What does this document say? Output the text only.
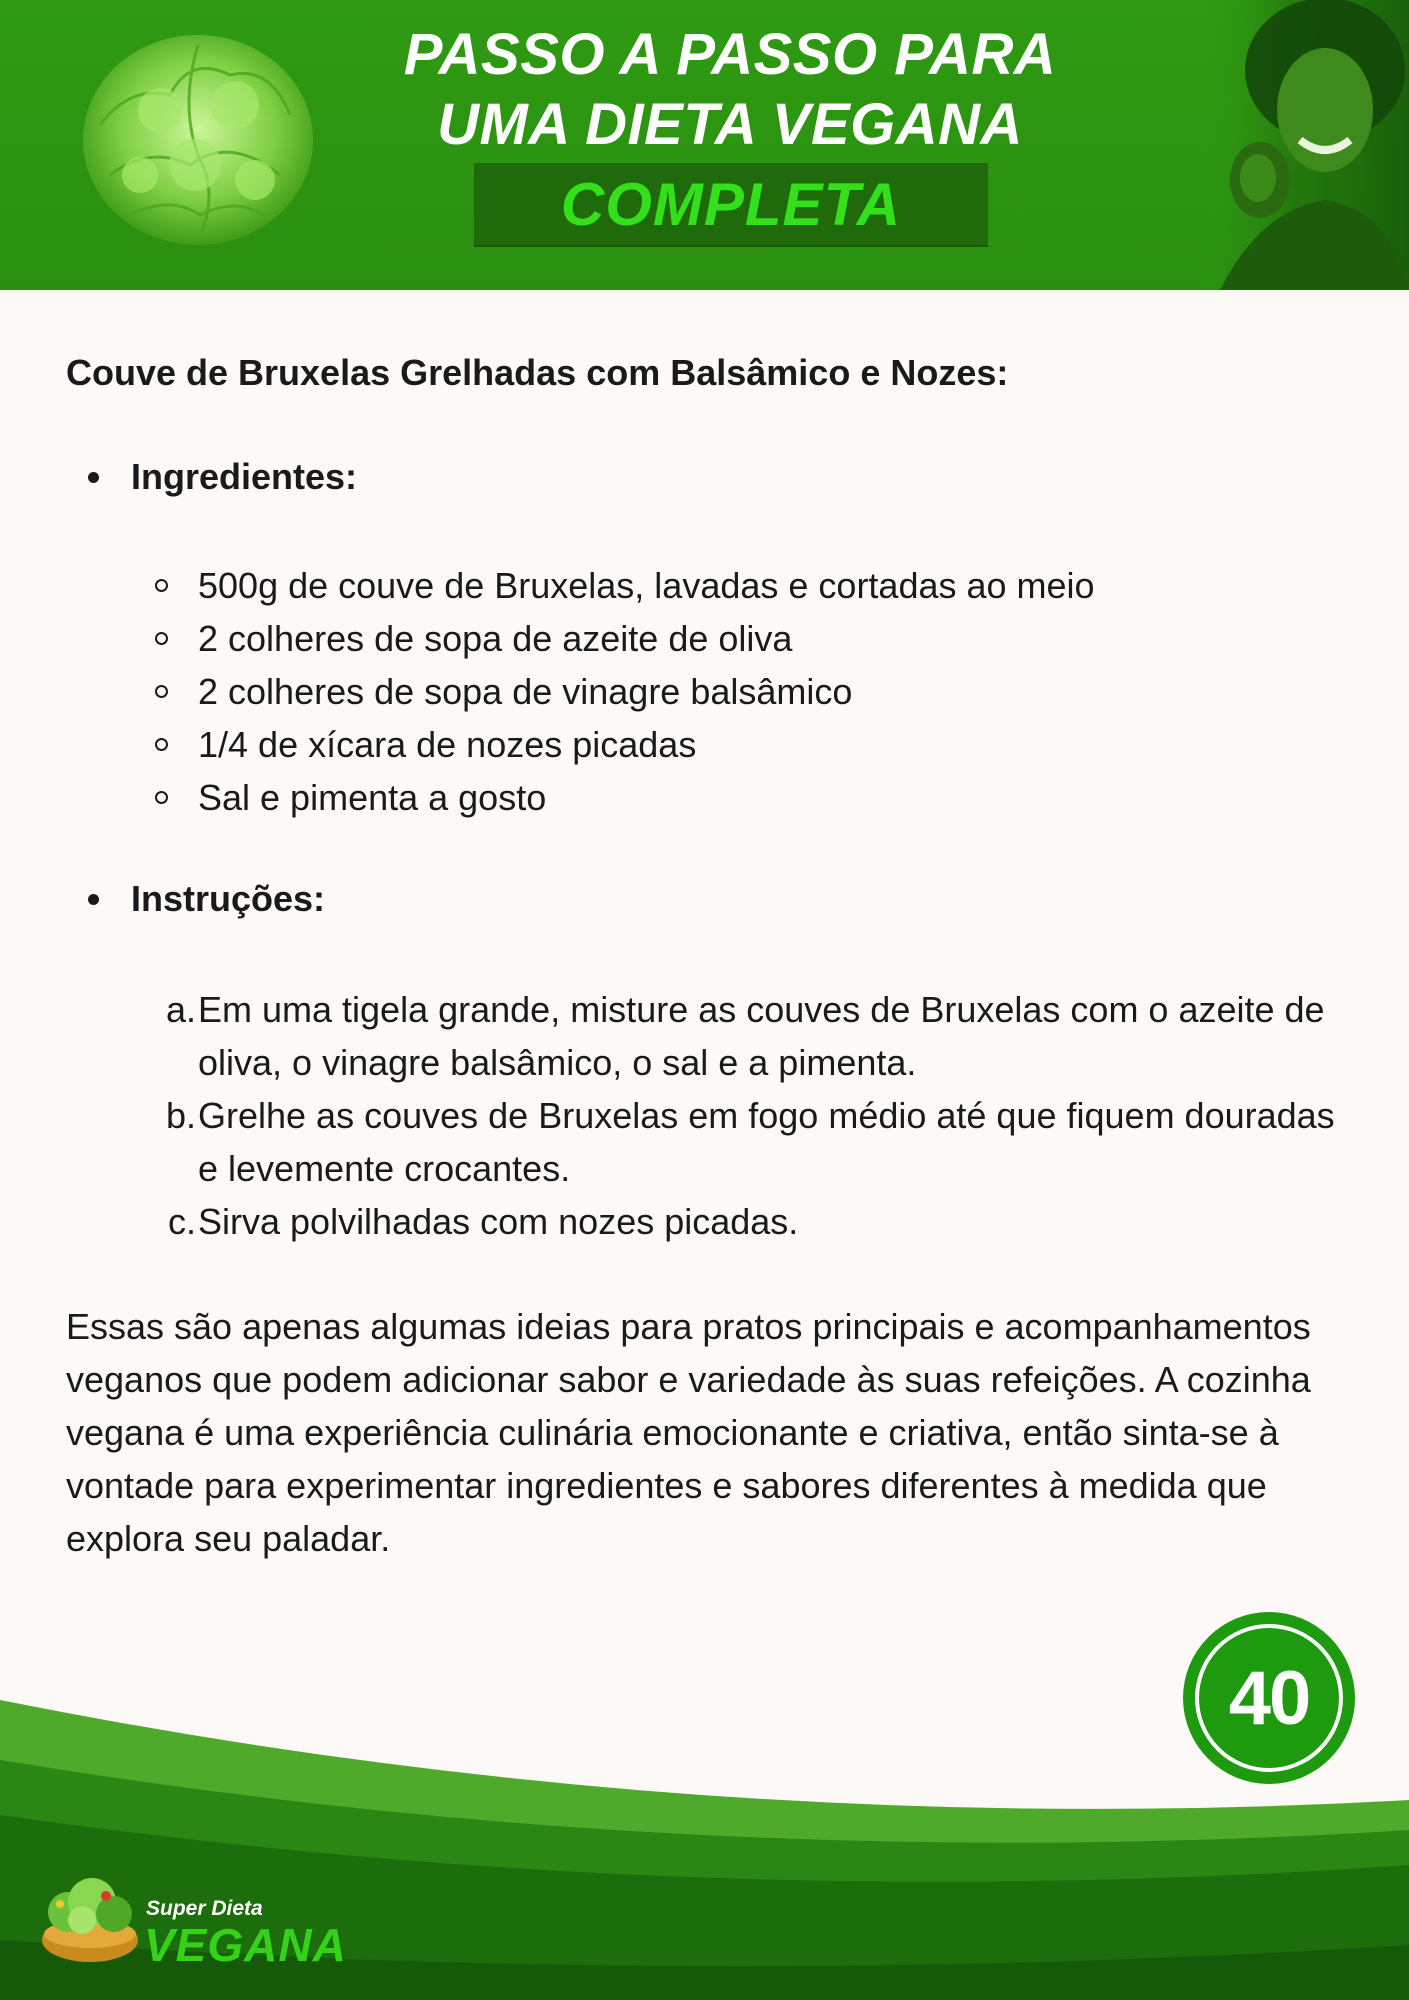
PASSO A PASSO PARA
UMA DIETA VEGANA
COMPLETA
Couve de Bruxelas Grelhadas com Balsâmico e Nozes:
Ingredientes:
500g de couve de Bruxelas, lavadas e cortadas ao meio
2 colheres de sopa de azeite de oliva
2 colheres de sopa de vinagre balsâmico
1/4 de xícara de nozes picadas
Sal e pimenta a gosto
Instruções:
a. Em uma tigela grande, misture as couves de Bruxelas com o azeite de oliva, o vinagre balsâmico, o sal e a pimenta.
b. Grelhe as couves de Bruxelas em fogo médio até que fiquem douradas e levemente crocantes.
c. Sirva polvilhadas com nozes picadas.

Essas são apenas algumas ideias para pratos principais e acompanhamentos veganos que podem adicionar sabor e variedade às suas refeições. A cozinha vegana é uma experiência culinária emocionante e criativa, então sinta-se à vontade para experimentar ingredientes e sabores diferentes à medida que explora seu paladar.

40
Super Dieta
VEGANA
